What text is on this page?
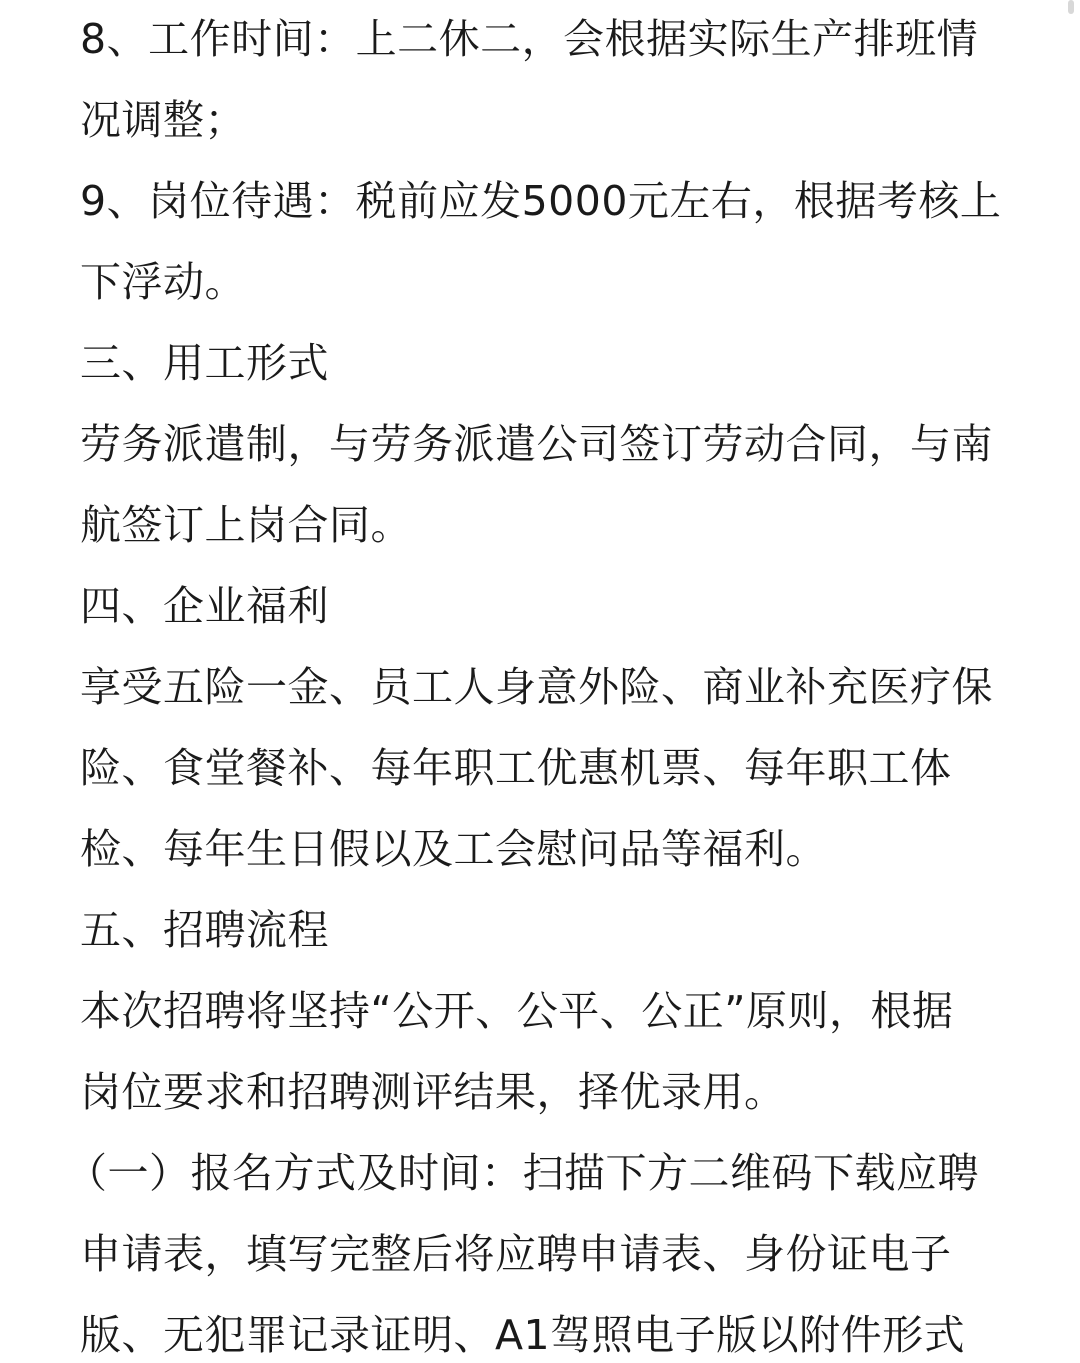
8、工作时间：上二休二，会根据实际生产排班情
况调整；
9、岗位待遇：税前应发5000元左右，根据考核上
下浮动。
三、用工形式
劳务派遣制，与劳务派遣公司签订劳动合同，与南
航签订上岗合同。
四、企业福利
享受五险一金、员工人身意外险、商业补充医疗保
险、食堂餐补、每年职工优惠机票、每年职工体
检、每年生日假以及工会慰问品等福利。
五、招聘流程
本次招聘将坚持“公开、公平、公正”原则，根据
岗位要求和招聘测评结果，择优录用。
（一）报名方式及时间：扫描下方二维码下载应聘
申请表，填写完整后将应聘申请表、身份证电子
版、无犯罪记录证明、A1驾照电子版以附件形式
